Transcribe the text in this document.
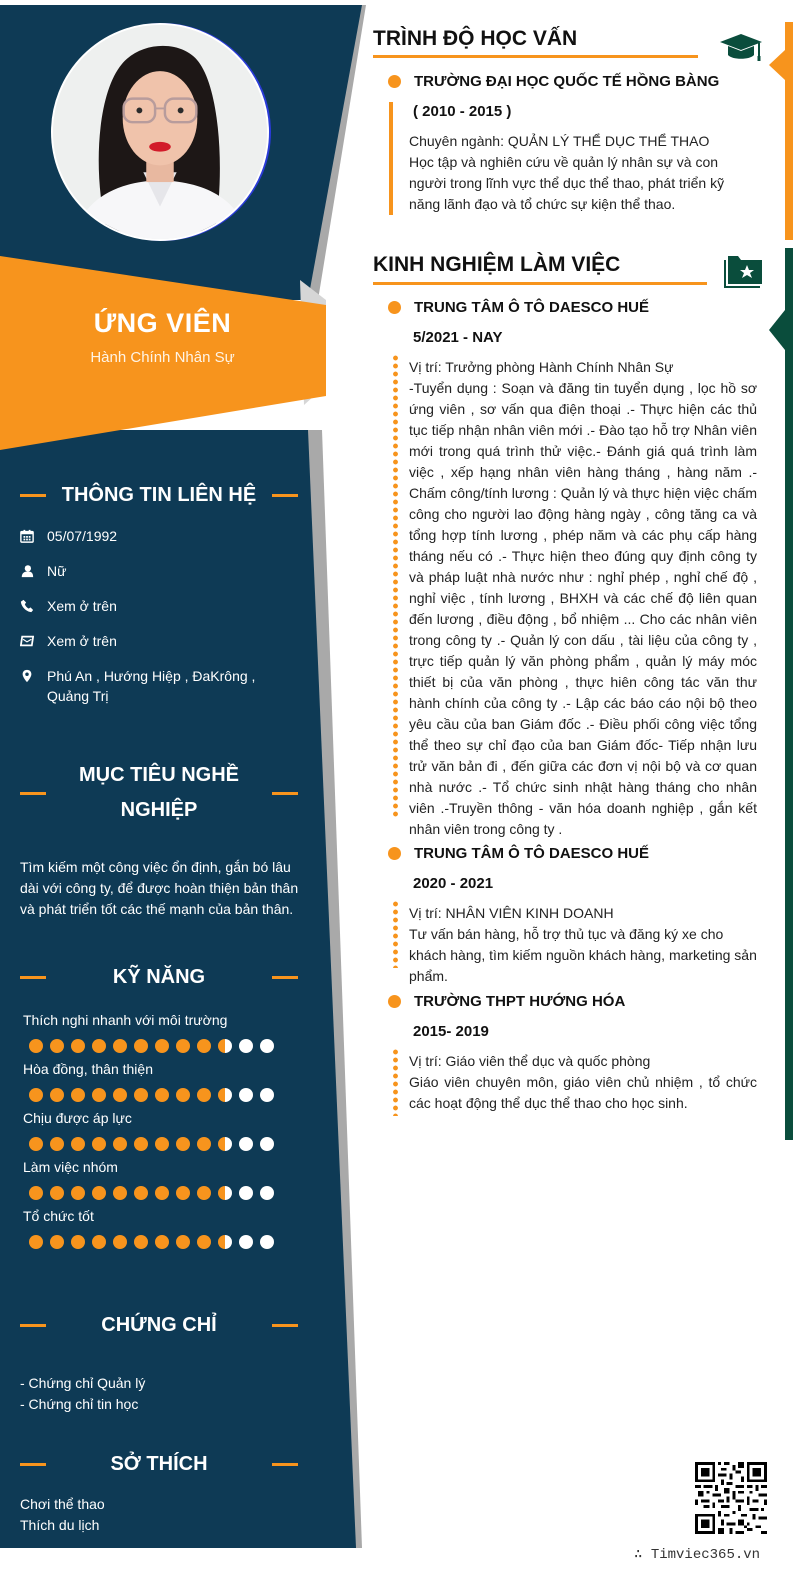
ỨNG VIÊN
Hành Chính Nhân Sự
THÔNG TIN LIÊN HỆ
05/07/1992
Nữ
Xem ở trên
Xem ở trên
Phú An , Hướng Hiệp , ĐaKrông , Quảng Trị
MỤC TIÊU NGHỀ
NGHIỆP
Tìm kiếm một công việc ổn định, gắn bó lâu dài với công ty, để được hoàn thiện bản thân và phát triển tốt các thế mạnh của bản thân.
KỸ NĂNG
Thích nghi nhanh với môi trường
Hòa đồng, thân thiện
Chịu được áp lực
Làm việc nhóm
Tổ chức tốt
CHỨNG CHỈ
- Chứng chỉ Quản lý
- Chứng chỉ tin học
SỞ THÍCH
Chơi thể thao
Thích du lịch
TRÌNH ĐỘ HỌC VẤN
TRƯỜNG ĐẠI HỌC QUỐC TẾ HỒNG BÀNG
( 2010 - 2015 )
Chuyên ngành: QUẢN LÝ THỂ DỤC THỂ THAO
Học tập và nghiên cứu về quản lý nhân sự và con người trong lĩnh vực thể dục thể thao, phát triển kỹ năng lãnh đạo và tổ chức sự kiện thể thao.
KINH NGHIỆM LÀM VIỆC
TRUNG TÂM Ô TÔ DAESCO HUẾ
5/2021 - NAY
Vị trí: Trưởng phòng Hành Chính Nhân Sự
-Tuyển dụng : Soạn và đăng tin tuyển dụng , lọc hồ sơ ứng viên , sơ vấn qua điện thoại .- Thực hiện các thủ tục tiếp nhận nhân viên mới .- Đào tạo hỗ trợ Nhân viên mới trong quá trình thử việc.- Đánh giá quá trình làm việc , xếp hạng nhân viên hàng tháng , hàng năm .- Chấm công/tính lương : Quản lý và thực hiện việc chấm công cho người lao động hàng ngày , công tăng ca và tổng hợp tính lương , phép năm và các phụ cấp hàng tháng nếu có .- Thực hiện theo đúng quy định công ty và pháp luật nhà nước như : nghỉ phép , nghỉ chế độ , nghỉ việc , tính lương , BHXH và các chế độ liên quan đến lương , điều động , bổ nhiệm ... Cho các nhân viên trong công ty .- Quản lý con dấu , tài liệu của công ty , trực tiếp quản lý văn phòng phẩm , quản lý máy móc thiết bị của văn phòng , thực hiên công tác văn thư hành chính của công ty .- Lập các báo cáo nội bộ theo yêu cầu của ban Giám đốc .- Điều phối công việc tổng thể theo sự chỉ đạo của ban Giám đốc- Tiếp nhận lưu trử văn bản đi , đến giữa các đơn vị nội bộ và cơ quan nhà nước .- Tổ chức sinh nhật hàng tháng cho nhân viên .-Truyền thông - văn hóa doanh nghiệp , gắn kết nhân viên trong công ty .
TRUNG TÂM Ô TÔ DAESCO HUẾ
2020 - 2021
Vị trí: NHÂN VIÊN KINH DOANH
Tư vấn bán hàng, hỗ trợ thủ tục và đăng ký xe cho khách hàng, tìm kiếm nguồn khách hàng, marketing sản phẩm.
TRƯỜNG THPT HƯỚNG HÓA
2015- 2019
Vị trí: Giáo viên thể dục và quốc phòng
Giáo viên chuyên môn, giáo viên chủ nhiệm , tổ chức các hoạt động thể dục thể thao cho học sinh.
∴ Timviec365.vn
